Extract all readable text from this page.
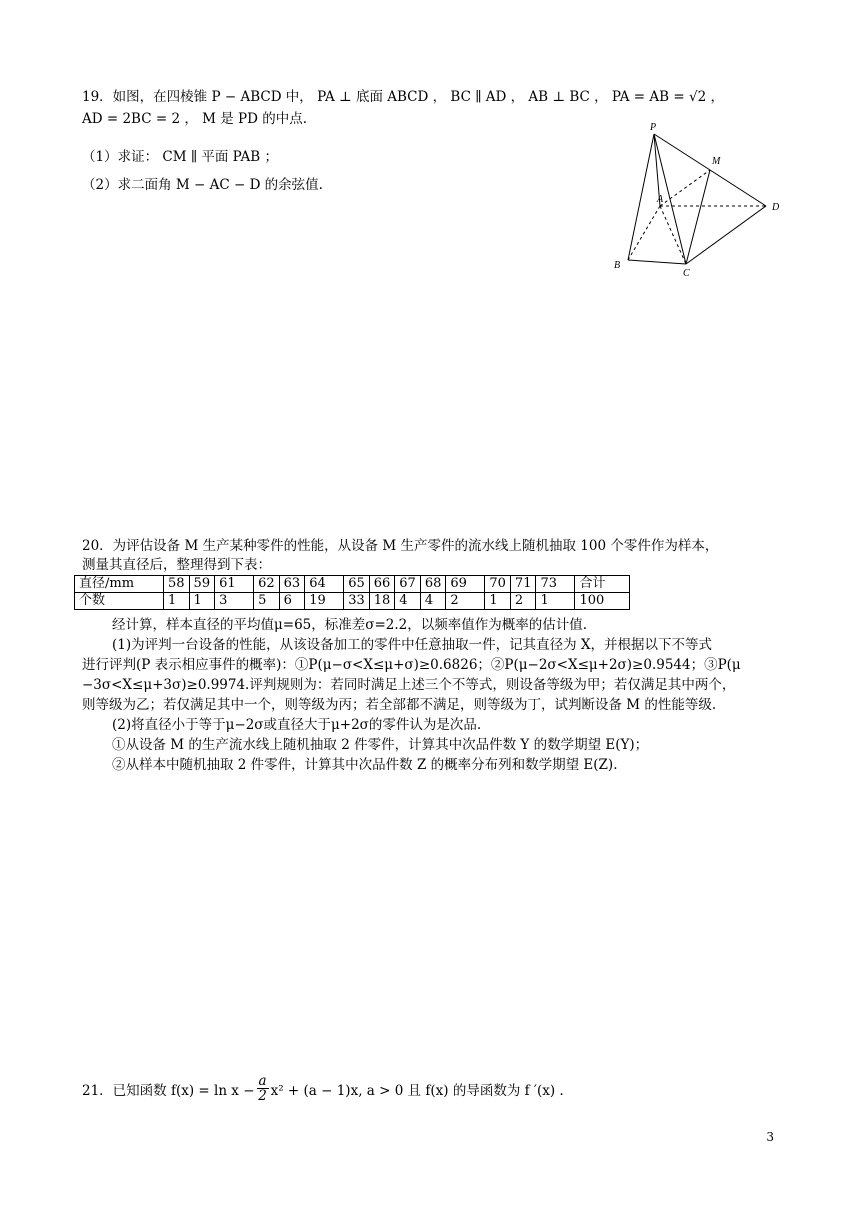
19．如图，在四棱锥 P − ABCD 中， PA ⊥ 底面 ABCD ， BC ∥ AD ， AB ⊥ BC ， PA = AB = √2 ，
AD = 2BC = 2 ， M 是 PD 的中点.
（1）求证： CM ∥ 平面 PAB ；
（2）求二面角 M − AC − D 的余弦值.
P
M
A
D
B
C
20．为评估设备 M 生产某种零件的性能，从设备 M 生产零件的流水线上随机抽取 100 个零件作为样本，
测量其直径后，整理得到下表：
直径/mm	58	59	61	62	63	64	65	66	67	68	69	70	71	73	合计
个数	1	1	3	5	6	19	33	18	4	4	2	1	2	1	100
经计算，样本直径的平均值μ=65，标准差σ=2.2，以频率值作为概率的估计值.
(1)为评判一台设备的性能，从该设备加工的零件中任意抽取一件，记其直径为 X，并根据以下不等式
进行评判(P 表示相应事件的概率)：①P(μ−σ<X≤μ+σ)≥0.6826；②P(μ−2σ<X≤μ+2σ)≥0.9544；③P(μ
−3σ<X≤μ+3σ)≥0.9974.评判规则为：若同时满足上述三个不等式，则设备等级为甲；若仅满足其中两个，
则等级为乙；若仅满足其中一个，则等级为丙；若全部都不满足，则等级为丁，试判断设备 M 的性能等级.
(2)将直径小于等于μ−2σ或直径大于μ+2σ的零件认为是次品.
①从设备 M 的生产流水线上随机抽取 2 件零件，计算其中次品件数 Y 的数学期望 E(Y)；
②从样本中随机抽取 2 件零件，计算其中次品件数 Z 的概率分布列和数学期望 E(Z).
21．已知函数 $f(x) = \ln x - \frac{a}{2} x^2 + (a - 1)x$, a > 0 且 f(x) 的导函数为 f ′(x) .
3
